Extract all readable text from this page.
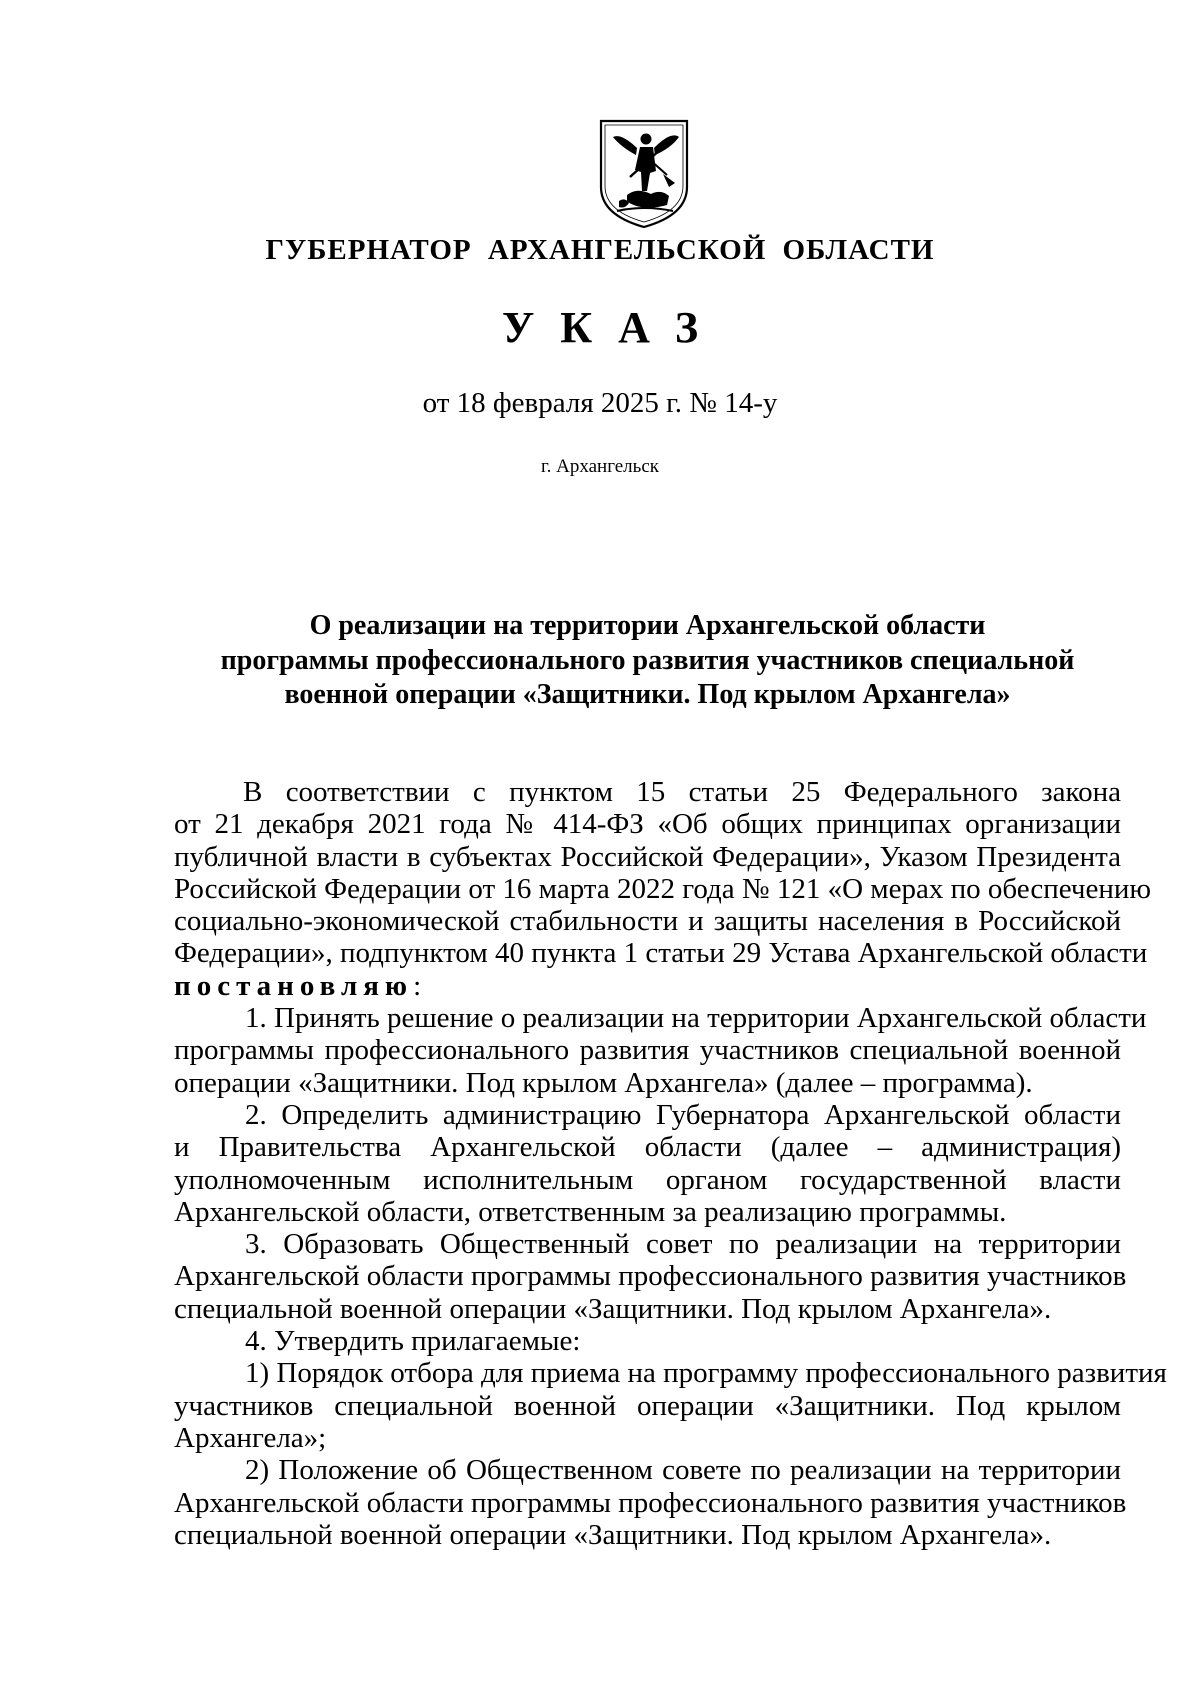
ГУБЕРНАТОР АРХАНГЕЛЬСКОЙ ОБЛАСТИ
УКАЗ
от 18 февраля 2025 г. № 14-у
г. Архангельск
О реализации на территории Архангельской области
программы профессионального развития участников специальной
военной операции «Защитники. Под крылом Архангела»
В соответствии с пунктом 15 статьи 25 Федерального закона
от 21 декабря 2021 года № 414-ФЗ «Об общих принципах организации
публичной власти в субъектах Российской Федерации», Указом Президента
Российской Федерации от 16 марта 2022 года № 121 «О мерах по обеспечению
социально-экономической стабильности и защиты населения в Российской
Федерации», подпунктом 40 пункта 1 статьи 29 Устава Архангельской области
постановляю:
1. Принять решение о реализации на территории Архангельской области
программы профессионального развития участников специальной военной
операции «Защитники. Под крылом Архангела» (далее – программа).
2. Определить администрацию Губернатора Архангельской области
и Правительства Архангельской области (далее – администрация)
уполномоченным исполнительным органом государственной власти
Архангельской области, ответственным за реализацию программы.
3. Образовать Общественный совет по реализации на территории
Архангельской области программы профессионального развития участников
специальной военной операции «Защитники. Под крылом Архангела».
4. Утвердить прилагаемые:
1) Порядок отбора для приема на программу профессионального развития
участников специальной военной операции «Защитники. Под крылом
Архангела»;
2) Положение об Общественном совете по реализации на территории
Архангельской области программы профессионального развития участников
специальной военной операции «Защитники. Под крылом Архангела».
